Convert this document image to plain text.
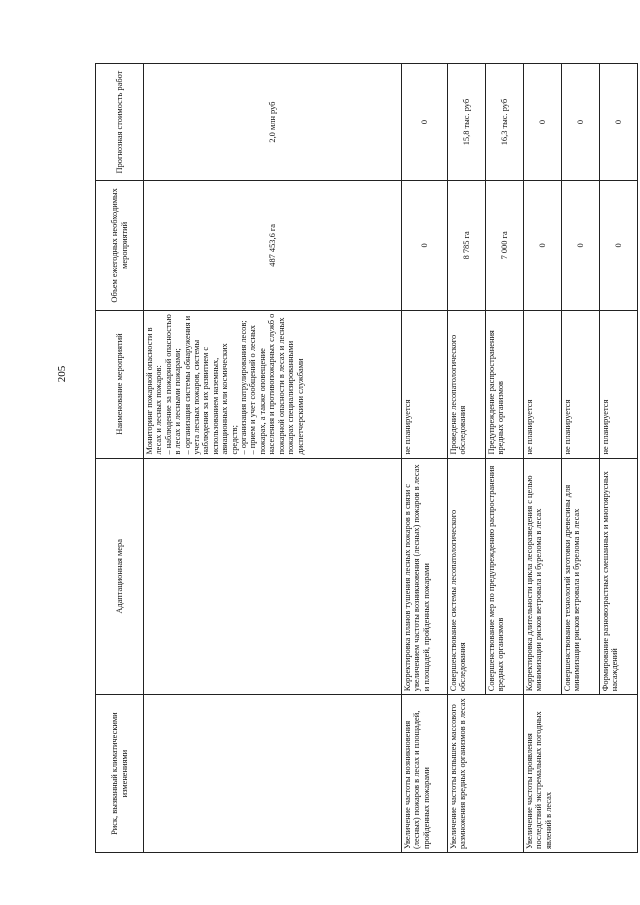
205
Риск, вызванный климатическими изменениями	Адаптационная мера	Наименование мероприятий	Объем ежегодных необходимых мероприятий	Прогнозная стоимость работ

		Мониторинг пожарной опасности в лесах и лесных пожаров: – наблюдение за пожарной опасностью в лесах и лесными пожарами; – организация системы обнаружения и учета лесных пожаров, системы наблюдения за их развитием с использованием наземных, авиационных или космических средств; – организация патрулирования лесов; – прием и учет сообщений о лесных пожарах, а также оповещение населения и противопожарных служб о пожарной опасности в лесах и лесных пожарах специализированными диспетчерскими службами	487 453,6 га	2,0 млн руб
Увеличение частоты возникновения (лесных) пожаров в лесах и площадей, пройденных пожарами	Корректировка планов тушения лесных пожаров в связи с увеличением частоты возникновения (лесных) пожаров в лесах и площадей, пройденных пожарами	не планируется	0	0
Увеличение частоты вспышек массового размножения вредных организмов в лесах	Совершенствование системы лесопатологического обследования	Проведение лесопатологического обследования	8 785 га	15,8 тыс. руб
	Совершенствование мер по предупреждению распространения вредных организмов	Предупреждение распространения вредных организмов	7 000 га	16,3 тыс. руб
Увеличение частоты проявления последствий экстремальных погодных явлений в лесах	Корректировка длительности цикла лесоразведения с целью минимизации рисков ветровала и бурелома в лесах	не планируется	0	0
	Совершенствование технологий заготовки древесины для минимизации рисков ветровала и бурелома в лесах	не планируется	0	0
	Формирование разновозрастных смешанных и многоярусных насаждений	не планируется	0	0
